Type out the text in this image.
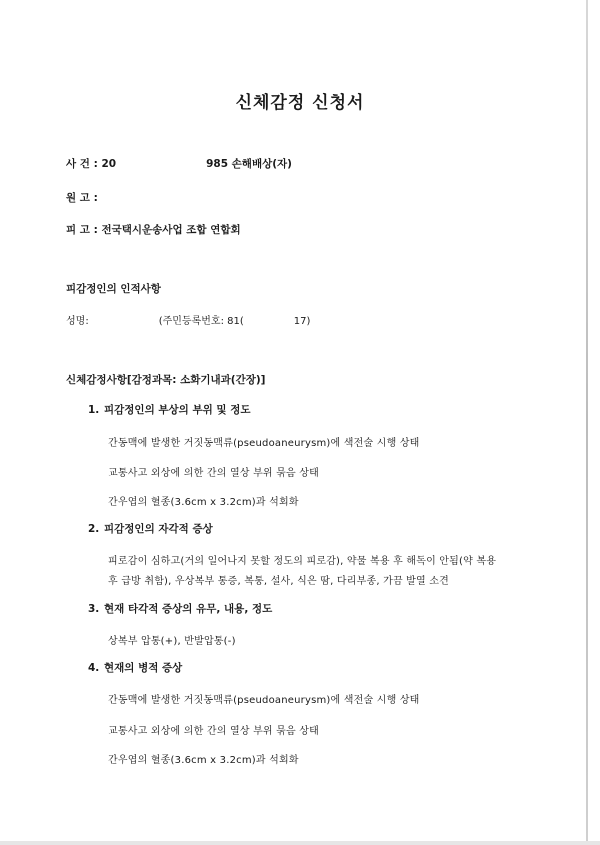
신체감정 신청서
사 건 : 20	985 손해배상(자)
원 고 :
피 고 : 전국택시운송사업 조합 연합회
피감정인의 인적사항
성명:	(주민등록번호: 81(	17)
신체감정사항[감정과목: 소화기내과(간장)]
1. 피감정인의 부상의 부위 및 정도
간동맥에 발생한 거짓동맥류(pseudoaneurysm)에 색전술 시행 상태
교통사고 외상에 의한 간의 열상 부위 묶음 상태
간우엽의 혈종(3.6cm x 3.2cm)과 석회화
2. 피감정인의 자각적 증상
피로감이 심하고(거의 일어나지 못할 정도의 피로감), 약물 복용 후 해독이 안됨(약 복용
후 급방 취함), 우상복부 통증, 복통, 설사, 식은 땀, 다리부종, 가끔 발열 소견
3. 현재 타각적 증상의 유무, 내용, 정도
상복부 압통(+), 반발압통(-)
4. 현재의 병적 증상
간동맥에 발생한 거짓동맥류(pseudoaneurysm)에 색전술 시행 상태
교통사고 외상에 의한 간의 열상 부위 묶음 상태
간우엽의 혈종(3.6cm x 3.2cm)과 석회화
